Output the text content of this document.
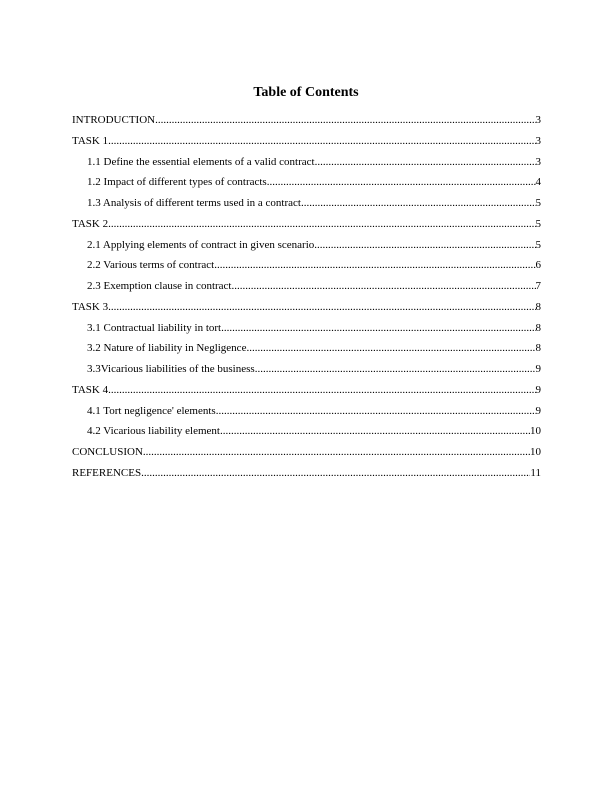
Table of Contents
INTRODUCTION .....	3
TASK 1 .....	3
1.1 Define the essential elements of a valid contract .....	3
1.2 Impact of different types of contracts .....	4
1.3 Analysis of different terms used in a contract .....	5
TASK 2 .....	5
2.1 Applying elements of contract in given scenario .....	5
2.2 Various terms of contract .....	6
2.3 Exemption clause in contract .....	7
TASK 3 .....	8
3.1 Contractual liability in tort .....	8
3.2 Nature of liability in Negligence .....	8
3.3Vicarious liabilities of the business .....	9
TASK 4 .....	9
4.1 Tort negligence' elements .....	9
4.2 Vicarious liability element .....	10
CONCLUSION .....	10
REFERENCES .....	11
